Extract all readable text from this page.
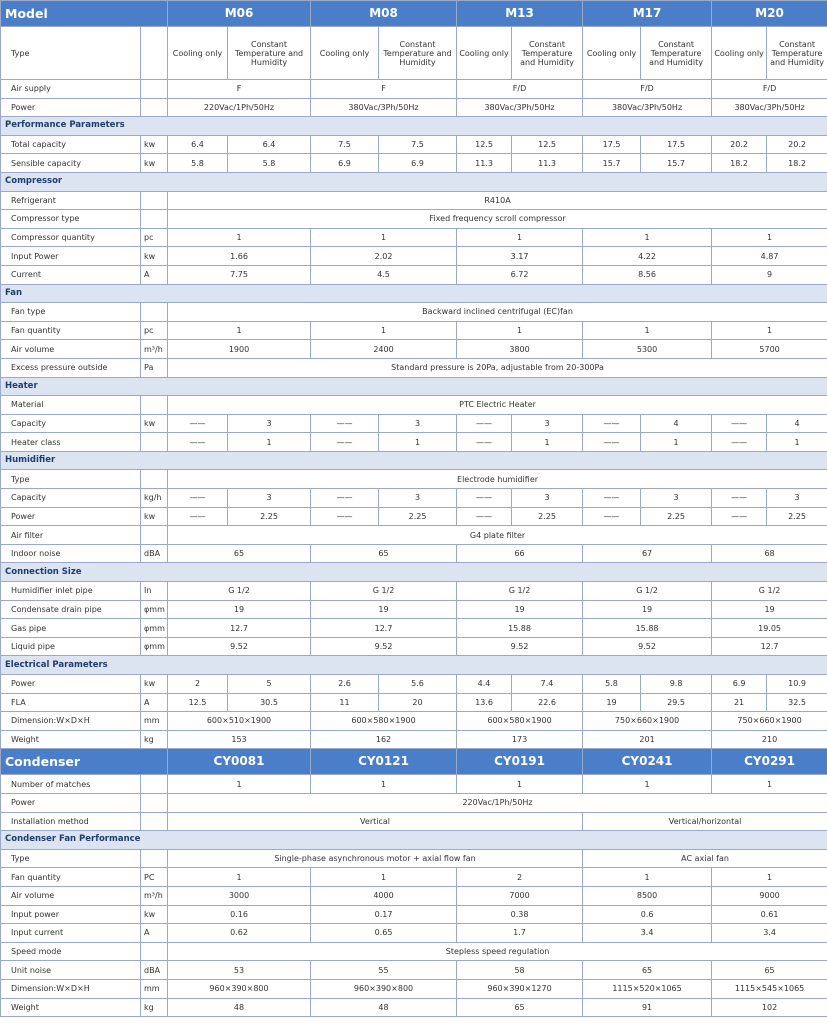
Model		M06		M08		M13		M17		M20	
Type		Cooling only	Constant Temperature and Humidity	Cooling only	Constant Temperature and Humidity	Cooling only	Constant Temperature and Humidity	Cooling only	Constant Temperature and Humidity	Cooling only	Constant Temperature and Humidity
Air supply		F		F		F/D		F/D		F/D	
Power		220Vac/1Ph/50Hz		380Vac/3Ph/50Hz		380Vac/3Ph/50Hz		380Vac/3Ph/50Hz		380Vac/3Ph/50Hz	
Performance Parameters											
Total capacity	kw	6.4	6.4	7.5	7.5	12.5	12.5	17.5	17.5	20.2	20.2
Sensible capacity	kw	5.8	5.8	6.9	6.9	11.3	11.3	15.7	15.7	18.2	18.2
Compressor											
Refrigerant		R410A									
Compressor type		Fixed frequency scroll compressor									
Compressor quantity	pc	1		1		1		1		1	
Input Power	kw	1.66		2.02		3.17		4.22		4.87	
Current	A	7.75		4.5		6.72		8.56		9	
Fan											
Fan type		Backward inclined centrifugal (EC)fan									
Fan quantity	pc	1		1		1		1		1	
Air volume	m³/h	1900		2400		3800		5300		5700	
Excess pressure outside	Pa	Standard pressure is 20Pa, adjustable from 20-300Pa									
Heater											
Material		PTC Electric Heater									
Capacity	kw	——	3	——	3	——	3	——	4	——	4
Heater class		——	1	——	1	——	1	——	1	——	1
Humidifier											
Type		Electrode humidifier									
Capacity	kg/h	——	3	——	3	——	3	——	3	——	3
Power	kw	——	2.25	——	2.25	——	2.25	——	2.25	——	2.25
Air filter		G4 plate filter									
Indoor noise	dBA	65		65		66		67		68	
Connection Size											
Humidifier inlet pipe	In	G 1/2		G 1/2		G 1/2		G 1/2		G 1/2	
Condensate drain pipe	φmm	19		19		19		19		19	
Gas pipe	φmm	12.7		12.7		15.88		15.88		19.05	
Liquid pipe	φmm	9.52		9.52		9.52		9.52		12.7	
Electrical Parameters											
Power	kw	2	5	2.6	5.6	4.4	7.4	5.8	9.8	6.9	10.9
FLA	A	12.5	30.5	11	20	13.6	22.6	19	29.5	21	32.5
Dimension:W×D×H	mm	600×510×1900		600×580×1900		600×580×1900		750×660×1900		750×660×1900	
Weight	kg	153		162		173		201		210	
Condenser		CY0081		CY0121		CY0191		CY0241		CY0291	
Number of matches		1		1		1		1		1	
Power		220Vac/1Ph/50Hz									
Installation method		Vertical						Vertical/horizontal			
Condenser Fan Performance											
Type		Single-phase asynchronous motor + axial flow fan						AC axial fan			
Fan quantity	PC	1		1		2		1		1	
Air volume	m³/h	3000		4000		7000		8500		9000	
Input power	kw	0.16		0.17		0.38		0.6		0.61	
Input current	A	0.62		0.65		1.7		3.4		3.4	
Speed mode		Stepless speed regulation									
Unit noise	dBA	53		55		58		65		65	
Dimension:W×D×H	mm	960×390×800		960×390×800		960×390×1270		1115×520×1065		1115×545×1065	
Weight	kg	48		48		65		91		102	
